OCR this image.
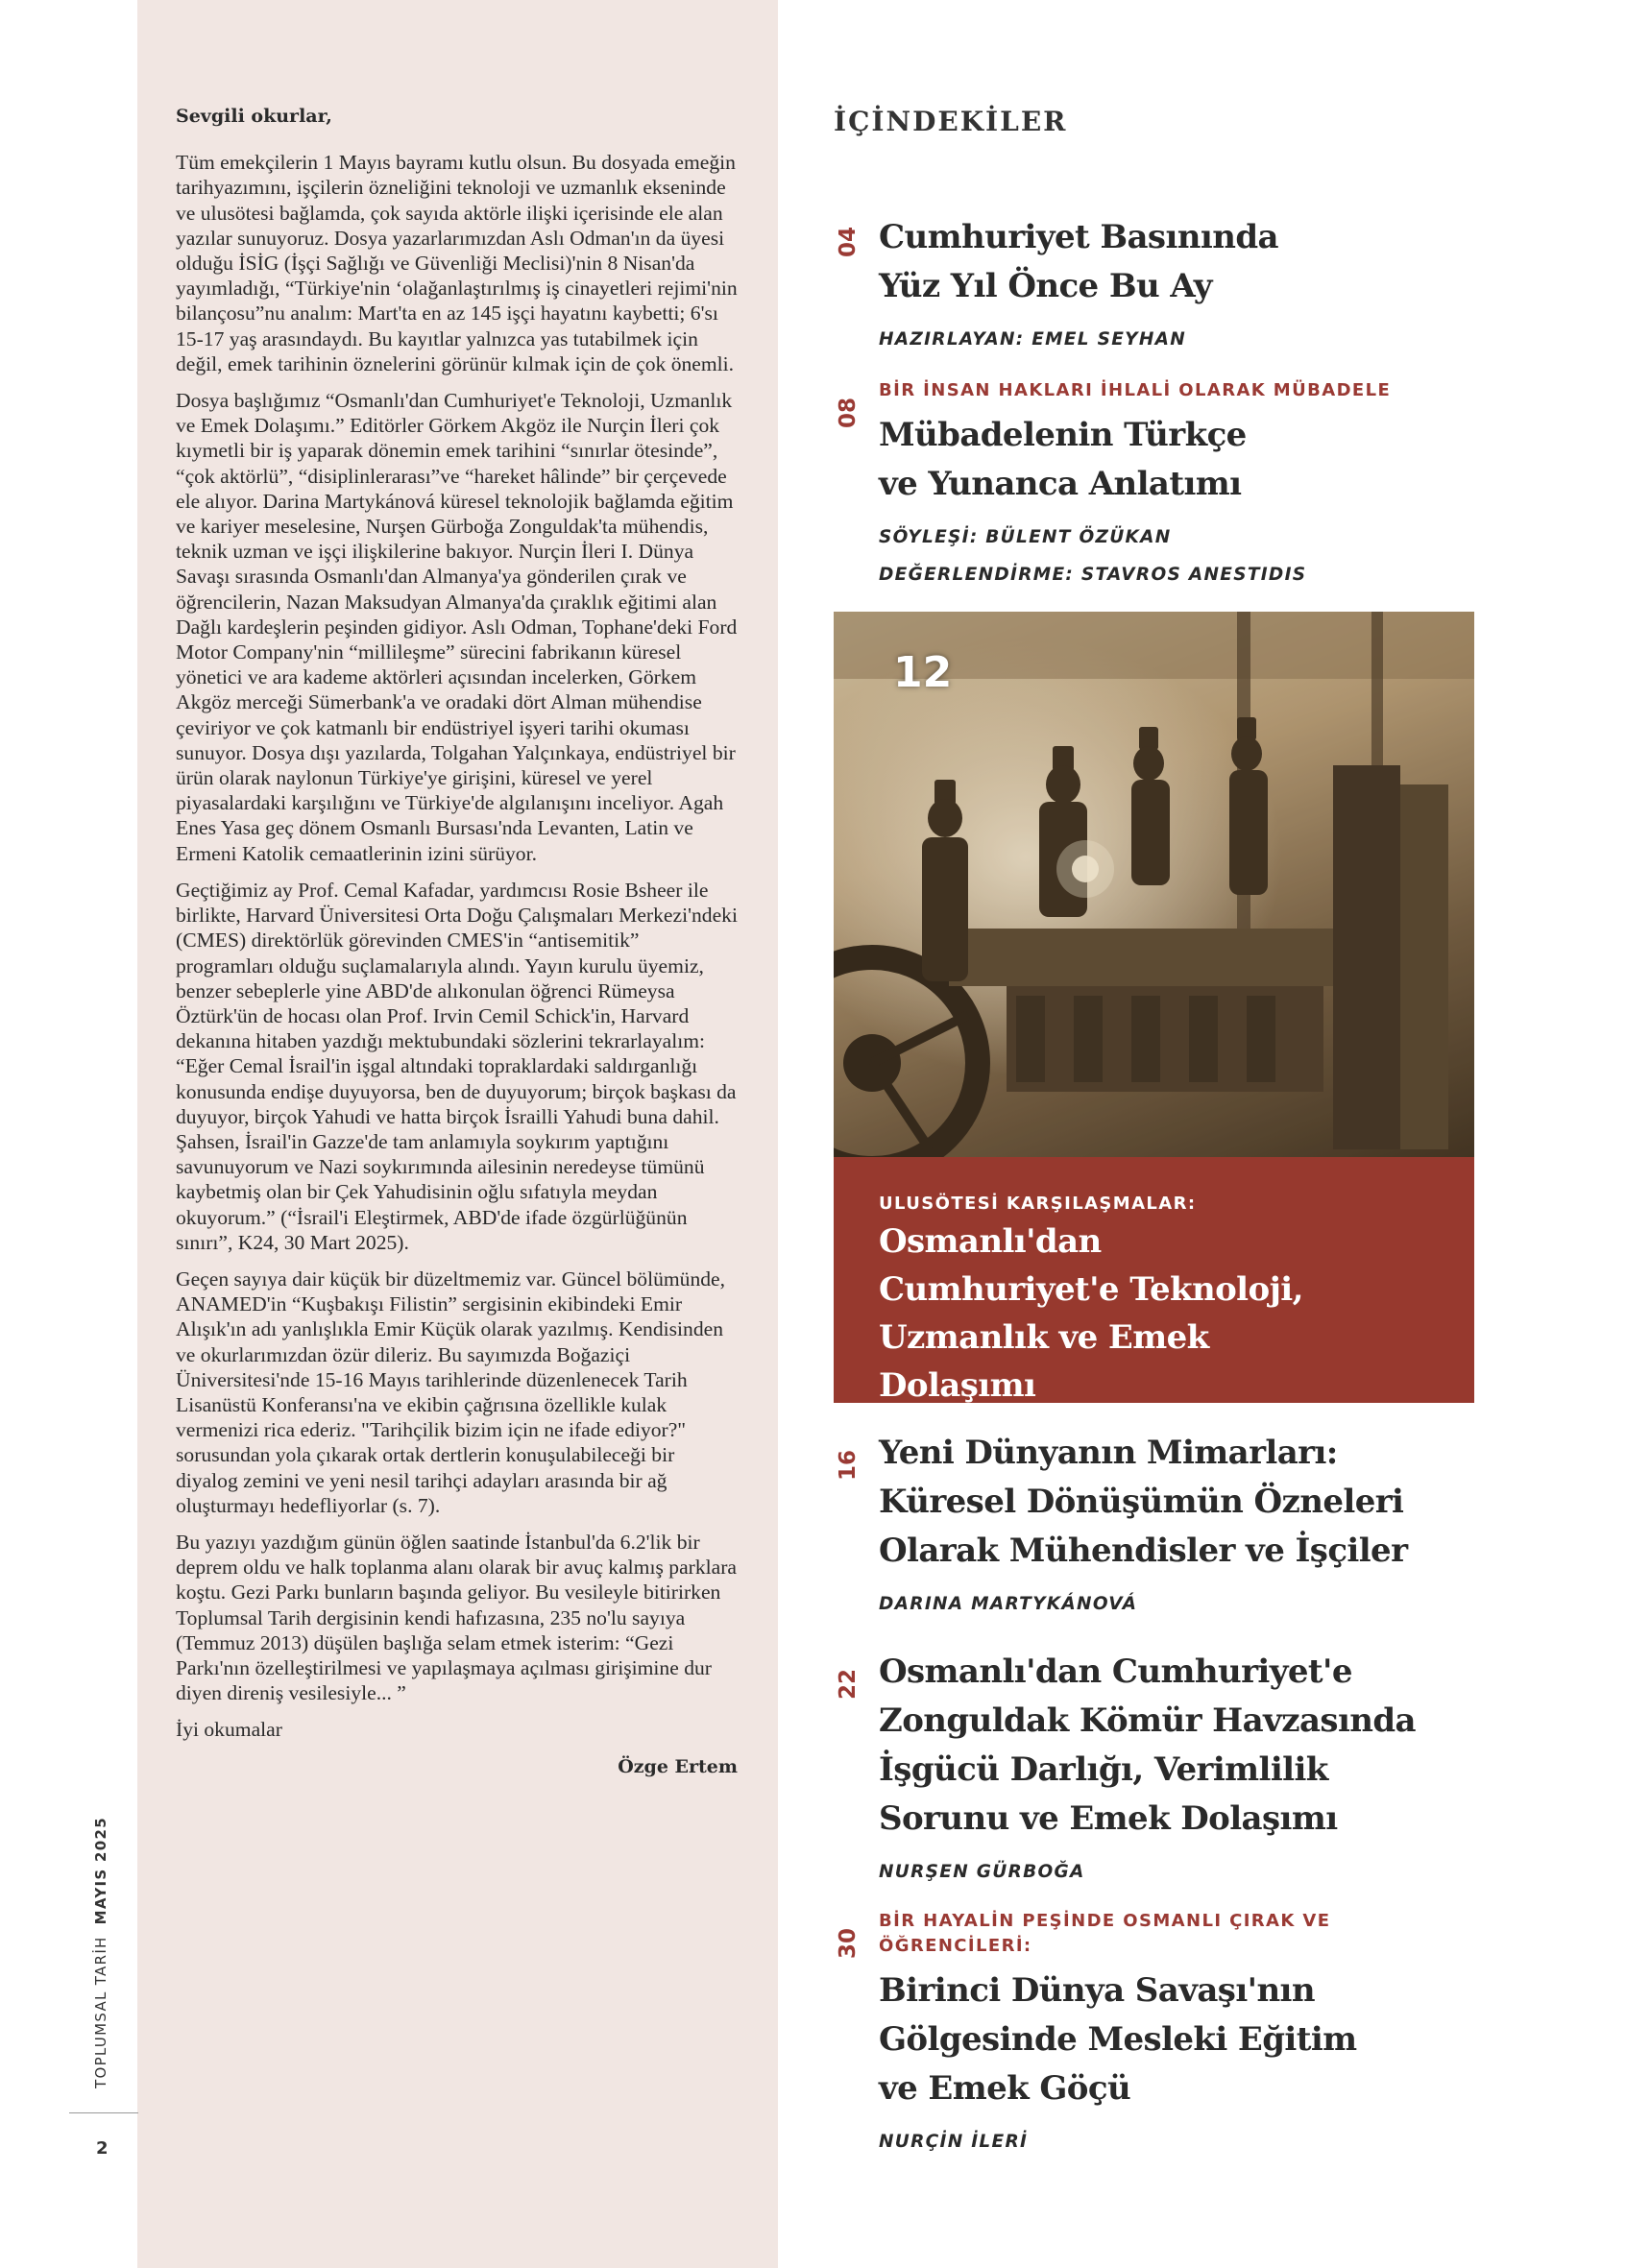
Sevgili okurlar,

Tüm emekçilerin 1 Mayıs bayramı kutlu olsun. Bu dosyada emeğin tarihyazımını, işçilerin özneliğini teknoloji ve uzmanlık ekseninde ve ulusötesi bağlamda, çok sayıda aktörle ilişki içerisinde ele alan yazılar sunuyoruz. Dosya yazarlarımızdan Aslı Odman'ın da üyesi olduğu İSİG (İşçi Sağlığı ve Güvenliği Meclisi)'nin 8 Nisan'da yayımladığı, “Türkiye'nin ‘olağanlaştırılmış iş cinayetleri rejimi'nin bilançosu”nu analım: Mart'ta en az 145 işçi hayatını kaybetti; 6'sı 15-17 yaş arasındaydı. Bu kayıtlar yalnızca yas tutabilmek için değil, emek tarihinin öznelerini görünür kılmak için de çok önemli.

Dosya başlığımız “Osmanlı'dan Cumhuriyet'e Teknoloji, Uzmanlık ve Emek Dolaşımı.” Editörler Görkem Akgöz ile Nurçin İleri çok kıymetli bir iş yaparak dönemin emek tarihini “sınırlar ötesinde”, “çok aktörlü”, “disiplinlerarası”ve “hareket hâlinde” bir çerçevede ele alıyor. Darina Martykánová küresel teknolojik bağlamda eğitim ve kariyer meselesine, Nurşen Gürboğa Zonguldak'ta mühendis, teknik uzman ve işçi ilişkilerine bakıyor. Nurçin İleri I. Dünya Savaşı sırasında Osmanlı'dan Almanya'ya gönderilen çırak ve öğrencilerin, Nazan Maksudyan Almanya'da çıraklık eğitimi alan Dağlı kardeşlerin peşinden gidiyor. Aslı Odman, Tophane'deki Ford Motor Company'nin “millileşme” sürecini fabrikanın küresel yönetici ve ara kademe aktörleri açısından incelerken, Görkem Akgöz merceği Sümerbank'a ve oradaki dört Alman mühendise çeviriyor ve çok katmanlı bir endüstriyel işyeri tarihi okuması sunuyor. Dosya dışı yazılarda, Tolgahan Yalçınkaya, endüstriyel bir ürün olarak naylonun Türkiye'ye girişini, küresel ve yerel piyasalardaki karşılığını ve Türkiye'de algılanışını inceliyor. Agah Enes Yasa geç dönem Osmanlı Bursası'nda Levanten, Latin ve Ermeni Katolik cemaatlerinin izini sürüyor.

Geçtiğimiz ay Prof. Cemal Kafadar, yardımcısı Rosie Bsheer ile birlikte, Harvard Üniversitesi Orta Doğu Çalışmaları Merkezi'ndeki (CMES) direktörlük görevinden CMES'in “antisemitik” programları olduğu suçlamalarıyla alındı. Yayın kurulu üyemiz, benzer sebeplerle yine ABD'de alıkonulan öğrenci Rümeysa Öztürk'ün de hocası olan Prof. Irvin Cemil Schick'in, Harvard dekanına hitaben yazdığı mektubundaki sözlerini tekrarlayalım: “Eğer Cemal İsrail'in işgal altındaki topraklardaki saldırganlığı konusunda endişe duyuyorsa, ben de duyuyorum; birçok başkası da duyuyor, birçok Yahudi ve hatta birçok İsrailli Yahudi buna dahil. Şahsen, İsrail'in Gazze'de tam anlamıyla soykırım yaptığını savunuyorum ve Nazi soykırımında ailesinin neredeyse tümünü kaybetmiş olan bir Çek Yahudisinin oğlu sıfatıyla meydan okuyorum.” (“İsrail'i Eleştirmek, ABD'de ifade özgürlüğünün sınırı”, K24, 30 Mart 2025).

Geçen sayıya dair küçük bir düzeltmemiz var. Güncel bölümünde, ANAMED'in “Kuşbakışı Filistin” sergisinin ekibindeki Emir Alışık'ın adı yanlışlıkla Emir Küçük olarak yazılmış. Kendisinden ve okurlarımızdan özür dileriz. Bu sayımızda Boğaziçi Üniversitesi'nde 15-16 Mayıs tarihlerinde düzenlenecek Tarih Lisanüstü Konferansı'na ve ekibin çağrısına özellikle kulak vermenizi rica ederiz. "Tarihçilik bizim için ne ifade ediyor?" sorusundan yola çıkarak ortak dertlerin konuşulabileceği bir diyalog zemini ve yeni nesil tarihçi adayları arasında bir ağ oluşturmayı hedefliyorlar (s. 7).

Bu yazıyı yazdığım günün öğlen saatinde İstanbul'da 6.2'lik bir deprem oldu ve halk toplanma alanı olarak bir avuç kalmış parklara koştu. Gezi Parkı bunların başında geliyor. Bu vesileyle bitirirken Toplumsal Tarih dergisinin kendi hafızasına, 235 no'lu sayıya (Temmuz 2013) düşülen başlığa selam etmek isterim: “Gezi Parkı'nın özelleştirilmesi ve yapılaşmaya açılması girişimine dur diyen direniş vesilesiyle... ”

İyi okumalar

Özge Ertem
TOPLUMSAL TARİHMAYIS 2025
2
İÇİNDEKİLER
04 Cumhuriyet Basınında Yüz Yıl Önce Bu Ay
HAZIRLAYAN: EMEL SEYHAN
08
BİR İNSAN HAKLARI İHLALİ OLARAK MÜBADELE
Mübadelenin Türkçe ve Yunanca Anlatımı
SÖYLEŞİ: BÜLENT ÖZÜKAN
DEĞERLENDİRME: STAVROS ANESTIDIS
12
ULUSÖTESİ KARŞILAŞMALAR:
Osmanlı'dan Cumhuriyet'e Teknoloji, Uzmanlık ve Emek Dolaşımı
DOSYA EDİTÖRLERİ: GÖRKEM AKGÖZ - NURÇİN İLERİ
16 Yeni Dünyanın Mimarları: Küresel Dönüşümün Özneleri Olarak Mühendisler ve İşçiler
DARINA MARTYKÁNOVÁ
22 Osmanlı'dan Cumhuriyet'e Zonguldak Kömür Havzasında İşgücü Darlığı, Verimlilik Sorunu ve Emek Dolaşımı
NURŞEN GÜRBOĞA
30
BİR HAYALİN PEŞİNDE OSMANLI ÇIRAK VE ÖĞRENCİLERİ:
Birinci Dünya Savaşı'nın Gölgesinde Mesleki Eğitim ve Emek Göçü
NURÇİN İLERİ
